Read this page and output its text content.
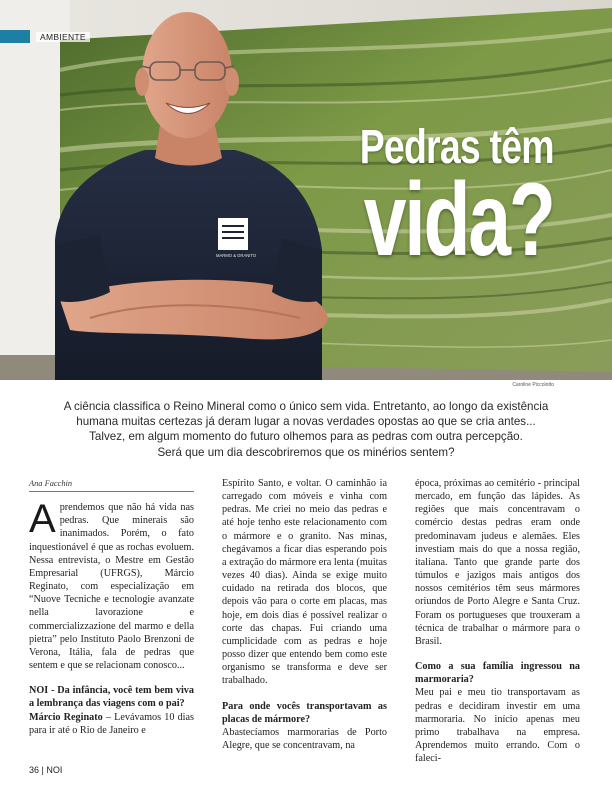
MARMO & GRANITO
AMBIENTE
Pedras têm
vida?
Caroline Piccolotto
A ciência classifica o Reino Mineral como o único sem vida. Entretanto, ao longo da existência
humana muitas certezas já deram lugar a novas verdades opostas ao que se cria antes...
Talvez, em algum momento do futuro olhemos para as pedras com outra percepção.
Será que um dia descobriremos que os minérios sentem?
Ana Facchin

Aprendemos que não há vida nas pedras. Que minerais são inanimados. Porém, o fato inquestionável é que as rochas evoluem. Nessa entrevista, o Mestre em Gestão Empresarial (UFRGS), Márcio Reginato, com especialização em “Nuove Tecniche e tecnologie avanzate nella lavorazione e commercializzazione del marmo e della pietra” pelo Instituto Paolo Brenzoni de Verona, Itália, fala de pedras que sentem e que se relacionam conosco...

NOI - Da infância, você tem bem viva a lembrança das viagens com o pai?

Márcio Reginato – Levávamos 10 dias para ir até o Rio de Janeiro e

Espírito Santo, e voltar. O caminhão ia carregado com móveis e vinha com pedras. Me criei no meio das pedras e até hoje tenho este relacionamento com o mármore e o granito. Nas minas, chegávamos a ficar dias esperando pois a extração do mármore era lenta (muitas vezes 40 dias). Ainda se exige muito cuidado na retirada dos blocos, que depois vão para o corte em placas, mas hoje, em dois dias é possível realizar o corte das chapas. Fui criando uma cumplicidade com as pedras e hoje posso dizer que entendo bem como este organismo se transforma e deve ser trabalhado.

Para onde vocês transportavam as placas de mármore?

Abastecíamos marmorarias de Porto Alegre, que se concentravam, na

época, próximas ao cemitério - principal mercado, em função das lápides. As regiões que mais concentravam o comércio destas pedras eram onde predominavam judeus e alemães. Eles investiam mais do que a nossa região, italiana. Tanto que grande parte dos túmulos e jazigos mais antigos dos nossos cemitérios têm seus mármores oriundos de Porto Alegre e Santa Cruz. Foram os portugueses que trouxeram a técnica de trabalhar o mármore para o Brasil.

Como a sua família ingressou na marmoraria?

Meu pai e meu tio transportavam as pedras e decidiram investir em uma marmoraria. No início apenas meu primo trabalhava na empresa. Aprendemos muito errando. Com o faleci-

36 | NOI
